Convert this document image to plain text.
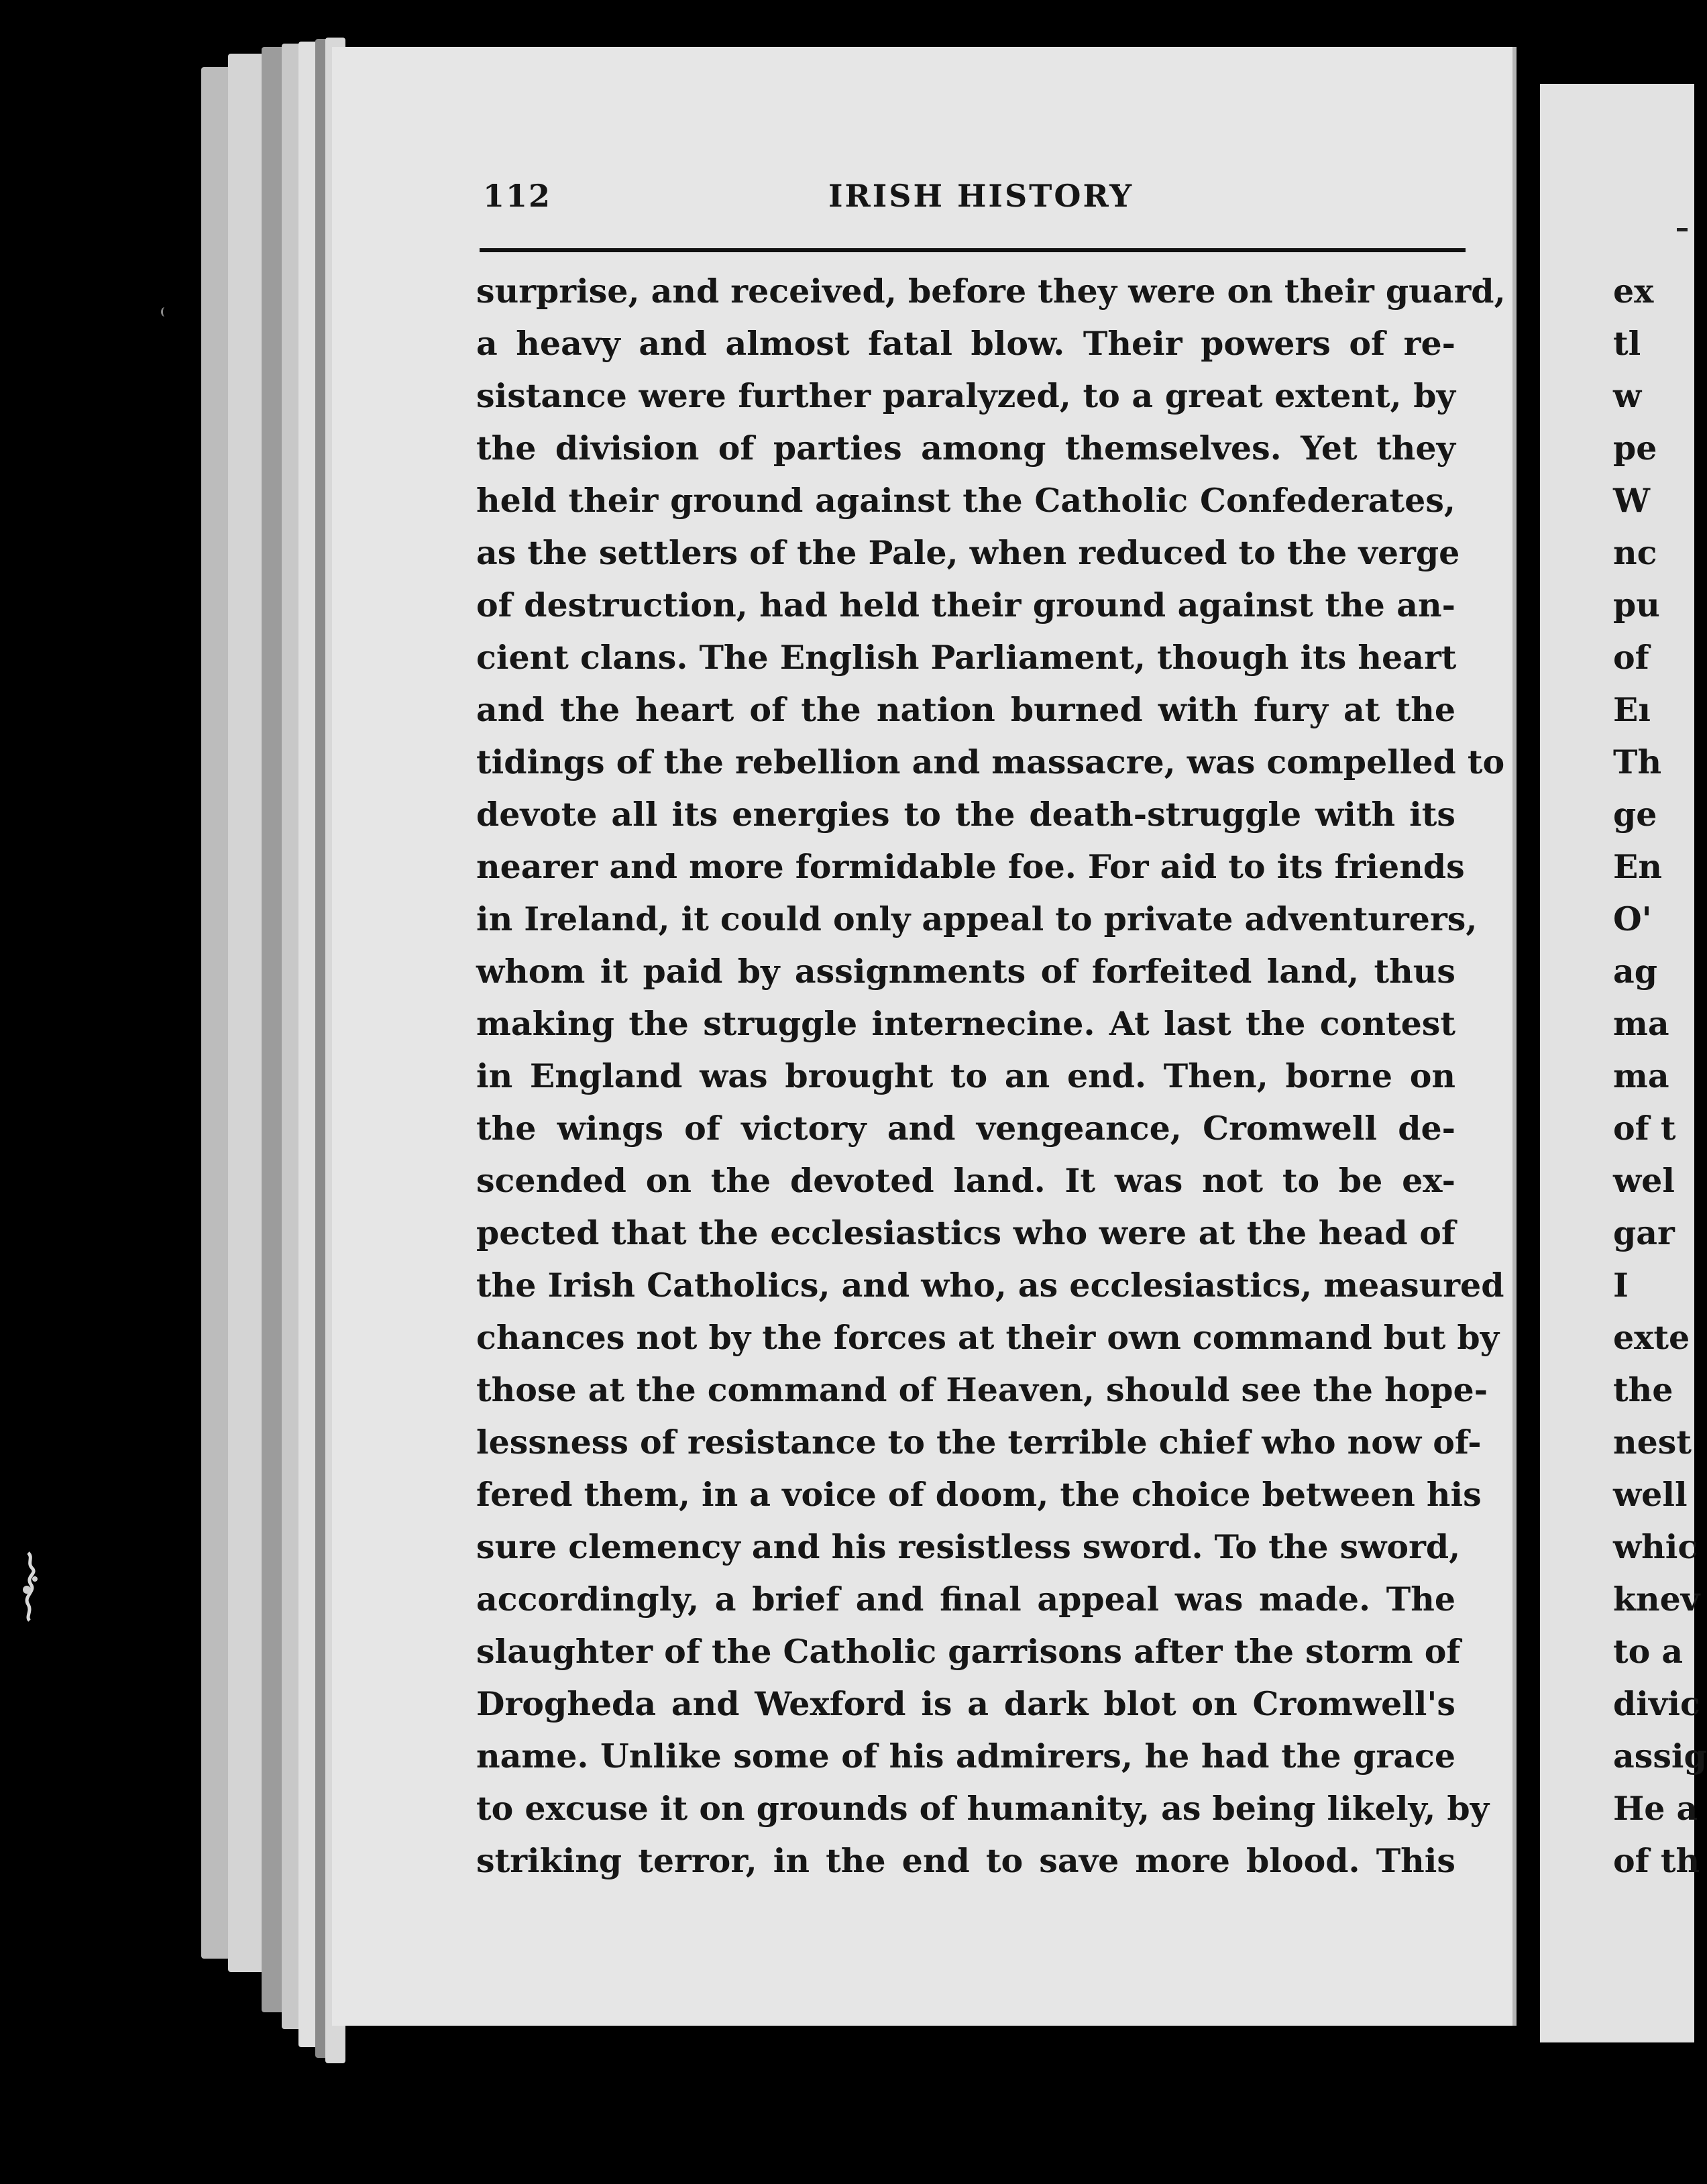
112	IRISH HISTORY
surprise, and received, before they were on their guard,
a heavy and almost fatal blow. Their powers of re-
sistance were further paralyzed, to a great extent, by
the division of parties among themselves. Yet they
held their ground against the Catholic Confederates,
as the settlers of the Pale, when reduced to the verge
of destruction, had held their ground against the an-
cient clans. The English Parliament, though its heart
and the heart of the nation burned with fury at the
tidings of the rebellion and massacre, was compelled to
devote all its energies to the death-struggle with its
nearer and more formidable foe. For aid to its friends
in Ireland, it could only appeal to private adventurers,
whom it paid by assignments of forfeited land, thus
making the struggle internecine. At last the contest
in England was brought to an end. Then, borne on
the wings of victory and vengeance, Cromwell de-
scended on the devoted land. It was not to be ex-
pected that the ecclesiastics who were at the head of
the Irish Catholics, and who, as ecclesiastics, measured
chances not by the forces at their own command but by
those at the command of Heaven, should see the hope-
lessness of resistance to the terrible chief who now of-
fered them, in a voice of doom, the choice between his
sure clemency and his resistless sword. To the sword,
accordingly, a brief and final appeal was made. The
slaughter of the Catholic garrisons after the storm of
Drogheda and Wexford is a dark blot on Cromwell's
name. Unlike some of his admirers, he had the grace
to excuse it on grounds of humanity, as being likely, by
striking terror, in the end to save more blood. This
ex
tl
w
pe
W
nc
pu
of
Eı
Th
ge
En
O'
ag
ma
ma
of t
wel
gar
I
exte
the
nest
well
whic
knev
to a
divic
assig
He a
of th
